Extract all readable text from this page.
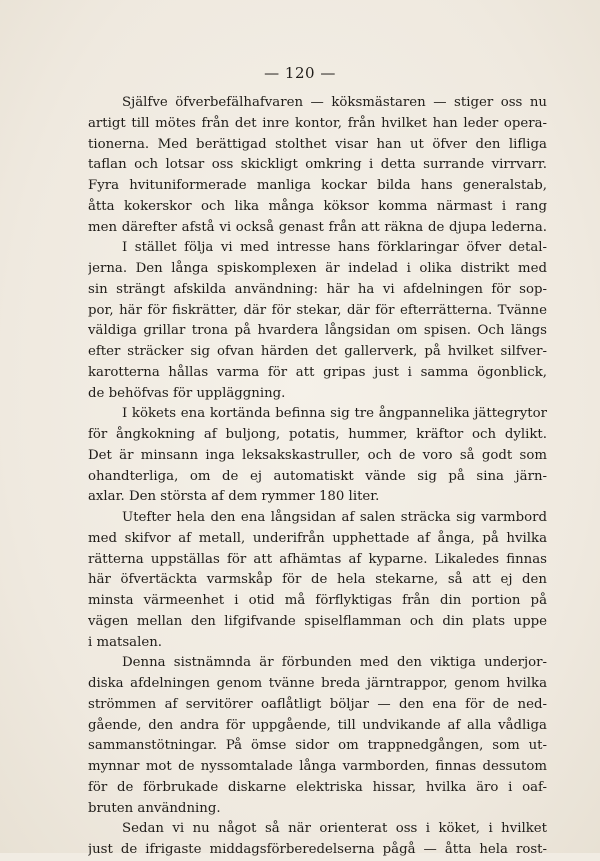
— 120 —
Själfve öfverbefälhafvaren — köksmästaren — stiger oss nu
artigt till mötes från det inre kontor, från hvilket han leder opera-
tionerna. Med berättigad stolthet visar han ut öfver den lifliga
taflan och lotsar oss skickligt omkring i detta surrande virrvarr.
Fyra hvituniformerade manliga kockar bilda hans generalstab,
åtta kokerskor och lika många köksor komma närmast i rang
men därefter afstå vi också genast från att räkna de djupa lederna.
I stället följa vi med intresse hans förklaringar öfver detal-
jerna. Den långa spiskomplexen är indelad i olika distrikt med
sin strängt afskilda användning: här ha vi afdelningen för sop-
por, här för fiskrätter, där för stekar, där för efterrätterna. Tvänne
väldiga grillar trona på hvardera långsidan om spisen. Och längs
efter sträcker sig ofvan härden det gallerverk, på hvilket silfver-
karotterna hållas varma för att gripas just i samma ögonblick,
de behöfvas för uppläggning.
I kökets ena kortända befinna sig tre ångpannelika jättegrytor
för ångkokning af buljong, potatis, hummer, kräftor och dylikt.
Det är minsann inga leksakskastruller, och de voro så godt som
ohandterliga, om de ej automatiskt vände sig på sina järn-
axlar. Den största af dem rymmer 180 liter.
Utefter hela den ena långsidan af salen sträcka sig varmbord
med skifvor af metall, underifrån upphettade af ånga, på hvilka
rätterna uppställas för att afhämtas af kyparne. Likaledes finnas
här öfvertäckta varmskåp för de hela stekarne, så att ej den
minsta värmeenhet i otid må förflyktigas från din portion på
vägen mellan den lifgifvande spiselflamman och din plats uppe
i matsalen.
Denna sistnämnda är förbunden med den viktiga underjor-
diska afdelningen genom tvänne breda järntrappor, genom hvilka
strömmen af servitörer oaflåtligt böljar — den ena för de ned-
gående, den andra för uppgående, till undvikande af alla vådliga
sammanstötningar. På ömse sidor om trappnedgången, som ut-
mynnar mot de nyssomtalade långa varmborden, finnas dessutom
för de förbrukade diskarne elektriska hissar, hvilka äro i oaf-
bruten användning.
Sedan vi nu något så när orienterat oss i köket, i hvilket
just de ifrigaste middagsförberedelserna pågå — åtta hela rost-
